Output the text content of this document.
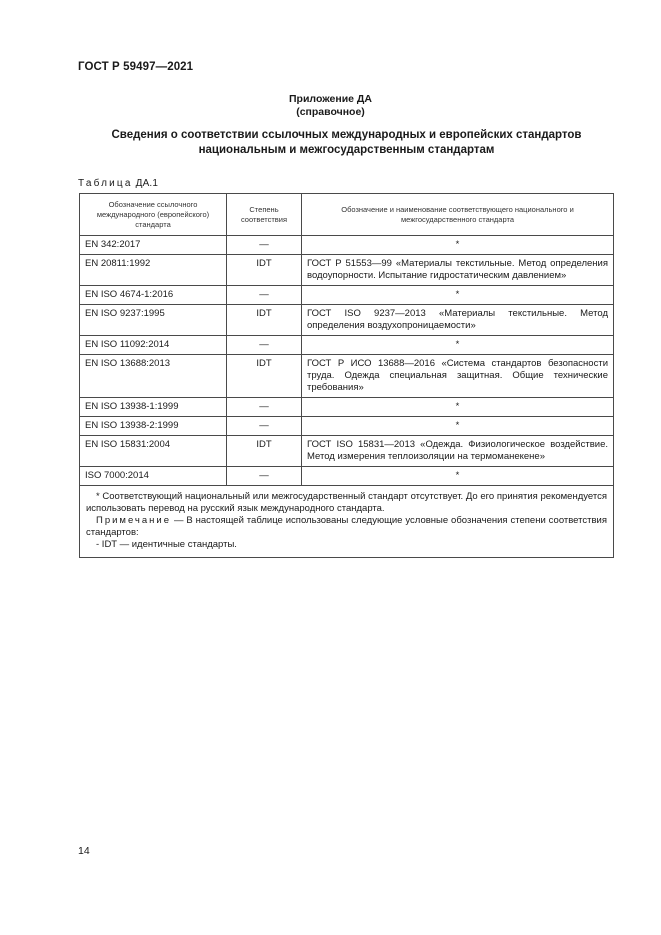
ГОСТ Р 59497—2021
Приложение ДА
(справочное)
Сведения о соответствии ссылочных международных и европейских стандартов
национальным и межгосударственным стандартам
Таблица ДА.1
Обозначение ссылочного международного (европейского) стандарта	Степень соответствия	Обозначение и наименование соответствующего национального и межгосударственного стандарта
EN 342:2017	—	*
EN 20811:1992	IDT	ГОСТ Р 51553—99 «Материалы текстильные. Метод определения водоупорности. Испытание гидростатическим давлением»
EN ISO 4674-1:2016	—	*
EN ISO 9237:1995	IDT	ГОСТ ISO 9237—2013 «Материалы текстильные. Метод определения воздухопроницаемости»
EN ISO 11092:2014	—	*
EN ISO 13688:2013	IDT	ГОСТ Р ИСО 13688—2016 «Система стандартов безопасности труда. Одежда специальная защитная. Общие технические требования»
EN ISO 13938-1:1999	—	*
EN ISO 13938-2:1999	—	*
EN ISO 15831:2004	IDT	ГОСТ ISO 15831—2013 «Одежда. Физиологическое воздействие. Метод измерения теплоизоляции на термоманекене»
ISO 7000:2014	—	*

* Соответствующий национальный или межгосударственный стандарт отсутствует. До его принятия рекомендуется использовать перевод на русский язык международного стандарта.

Примечание — В настоящей таблице использованы следующие условные обозначения степени соответствия стандартов:

- IDT — идентичные стандарты.		

14
